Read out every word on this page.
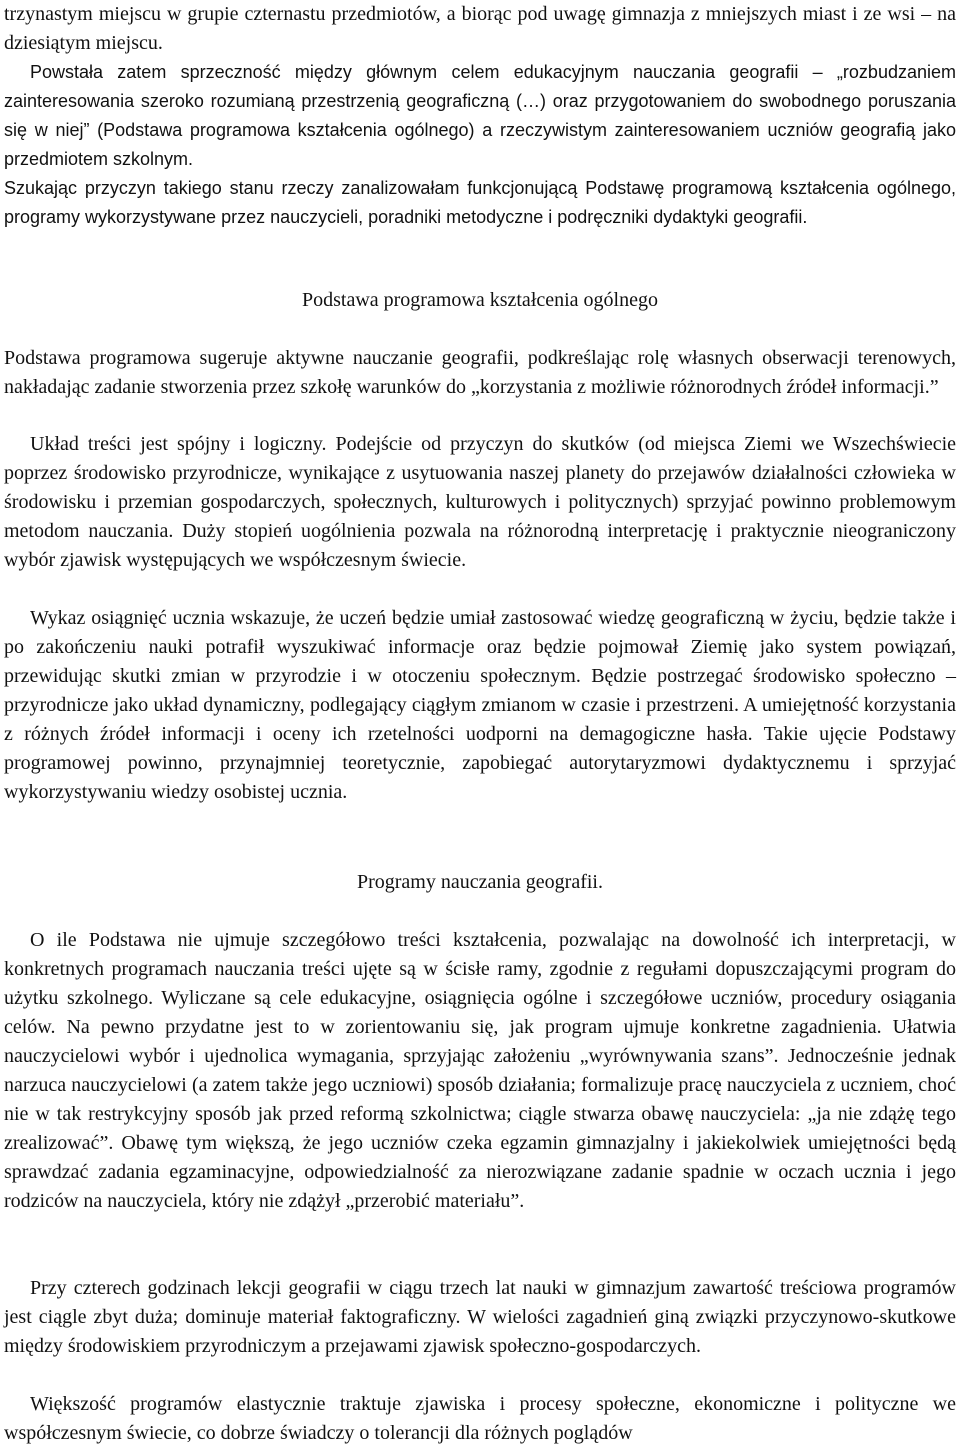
trzynastym miejscu w grupie czternastu przedmiotów, a biorąc pod uwagę gimnazja z mniejszych miast i ze wsi – na dziesiątym miejscu.

Powstała zatem sprzeczność między głównym celem edukacyjnym nauczania geografii – „rozbudzaniem zainteresowania szeroko rozumianą przestrzenią geograficzną (…) oraz przygotowaniem do swobodnego poruszania się w niej” (Podstawa programowa kształcenia ogólnego) a rzeczywistym zainteresowaniem uczniów geografią jako przedmiotem szkolnym.

Szukając przyczyn takiego stanu rzeczy zanalizowałam funkcjonującą Podstawę programową kształcenia ogólnego, programy wykorzystywane przez nauczycieli, poradniki metodyczne i podręczniki dydaktyki geografii.

Podstawa programowa kształcenia ogólnego

Podstawa programowa sugeruje aktywne nauczanie geografii, podkreślając rolę własnych obserwacji terenowych, nakładając zadanie stworzenia przez szkołę warunków do „korzystania z możliwie różnorodnych źródeł informacji.”

Układ treści jest spójny i logiczny. Podejście od przyczyn do skutków (od miejsca Ziemi we Wszechświecie poprzez środowisko przyrodnicze, wynikające z usytuowania naszej planety do przejawów działalności człowieka w środowisku i przemian gospodarczych, społecznych, kulturowych i politycznych) sprzyjać powinno problemowym metodom nauczania. Duży stopień uogólnienia pozwala na różnorodną interpretację i praktycznie nieograniczony wybór zjawisk występujących we współczesnym świecie.

Wykaz osiągnięć ucznia wskazuje, że uczeń będzie umiał zastosować wiedzę geograficzną w życiu, będzie także i po zakończeniu nauki potrafił wyszukiwać informacje oraz będzie pojmował Ziemię jako system powiązań, przewidując skutki zmian w przyrodzie i w otoczeniu społecznym. Będzie postrzegać środowisko społeczno – przyrodnicze jako układ dynamiczny, podlegający ciągłym zmianom w czasie i przestrzeni. A umiejętność korzystania z różnych źródeł informacji i oceny ich rzetelności uodporni na demagogiczne hasła. Takie ujęcie Podstawy programowej powinno, przynajmniej teoretycznie, zapobiegać autorytaryzmowi dydaktycznemu i sprzyjać wykorzystywaniu wiedzy osobistej ucznia.

Programy nauczania geografii.

O ile Podstawa nie ujmuje szczegółowo treści kształcenia, pozwalając na dowolność ich interpretacji, w konkretnych programach nauczania treści ujęte są w ścisłe ramy, zgodnie z regułami dopuszczającymi program do użytku szkolnego. Wyliczane są cele edukacyjne, osiągnięcia ogólne i szczegółowe uczniów, procedury osiągania celów. Na pewno przydatne jest to w zorientowaniu się, jak program ujmuje konkretne zagadnienia. Ułatwia nauczycielowi wybór i ujednolica wymagania, sprzyjając założeniu „wyrównywania szans”. Jednocześnie jednak narzuca nauczycielowi (a zatem także jego uczniowi) sposób działania; formalizuje pracę nauczyciela z uczniem, choć nie w tak restrykcyjny sposób jak przed reformą szkolnictwa; ciągle stwarza obawę nauczyciela: „ja nie zdążę tego zrealizować”. Obawę tym większą, że jego uczniów czeka egzamin gimnazjalny i jakiekolwiek umiejętności będą sprawdzać zadania egzaminacyjne, odpowiedzialność za nierozwiązane zadanie spadnie w oczach ucznia i jego rodziców na nauczyciela, który nie zdążył „przerobić materiału”.

Przy czterech godzinach lekcji geografii w ciągu trzech lat nauki w gimnazjum zawartość treściowa programów jest ciągle zbyt duża; dominuje materiał faktograficzny. W wielości zagadnień giną związki przyczynowo-skutkowe między środowiskiem przyrodniczym a przejawami zjawisk społeczno-gospodarczych.

Większość programów elastycznie traktuje zjawiska i procesy społeczne, ekonomiczne i polityczne we współczesnym świecie, co dobrze świadczy o tolerancji dla różnych poglądów
